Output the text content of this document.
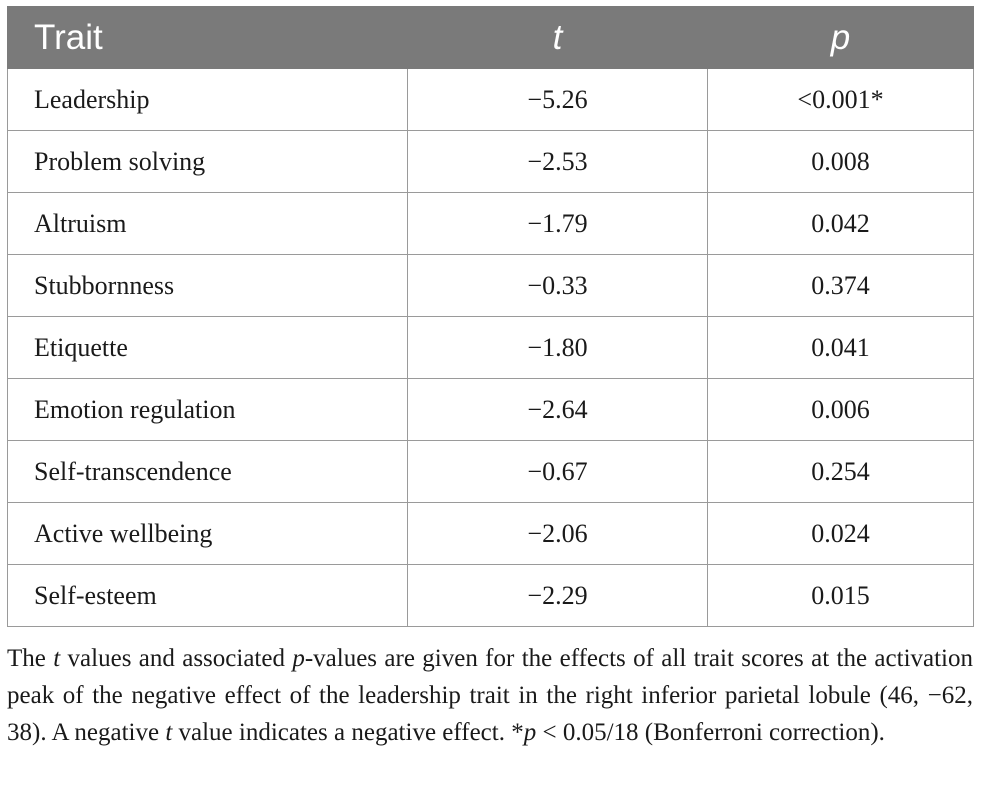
Trait	t	p
Leadership	−5.26	<0.001*
Problem solving	−2.53	0.008
Altruism	−1.79	0.042
Stubbornness	−0.33	0.374
Etiquette	−1.80	0.041
Emotion regulation	−2.64	0.006
Self-transcendence	−0.67	0.254
Active wellbeing	−2.06	0.024
Self-esteem	−2.29	0.015
The t values and associated p-values are given for the effects of all trait scores at the activation peak of the negative effect of the leadership trait in the right inferior parietal lobule (46, −62, 38). A negative t value indicates a negative effect. *p < 0.05/18 (Bonferroni correction).
